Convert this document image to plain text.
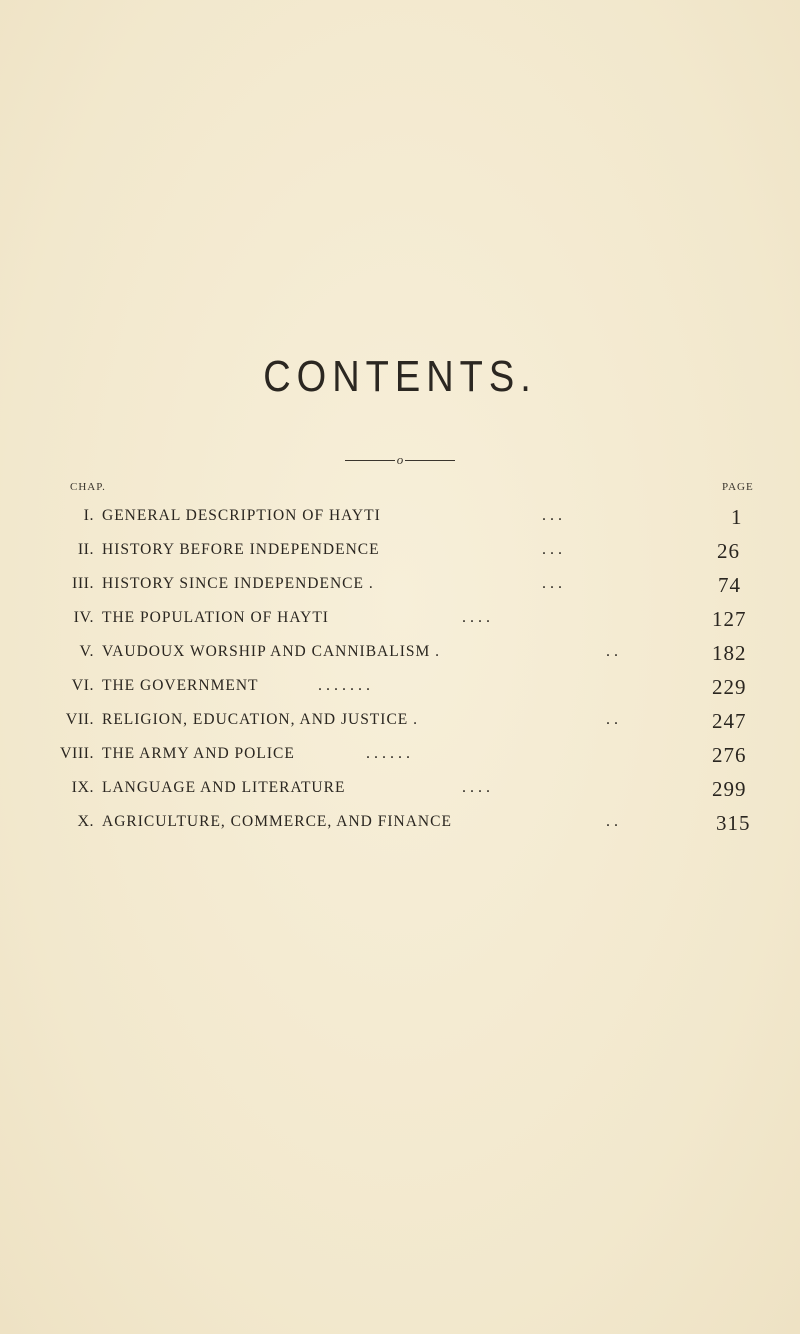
CONTENTS.
o
CHAP.	PAGE
I. GENERAL DESCRIPTION OF HAYTI	. . .	1
II. HISTORY BEFORE INDEPENDENCE	. . .	26
III. HISTORY SINCE INDEPENDENCE .	. . .	74
IV. THE POPULATION OF HAYTI	. . . .	127
V. VAUDOUX WORSHIP AND CANNIBALISM .	. .	182
VI. THE GOVERNMENT	. . . . . . .	229
VII. RELIGION, EDUCATION, AND JUSTICE .	. .	247
VIII. THE ARMY AND POLICE	. . . . . .	276
IX. LANGUAGE AND LITERATURE	. . . .	299
X. AGRICULTURE, COMMERCE, AND FINANCE	. .	315
